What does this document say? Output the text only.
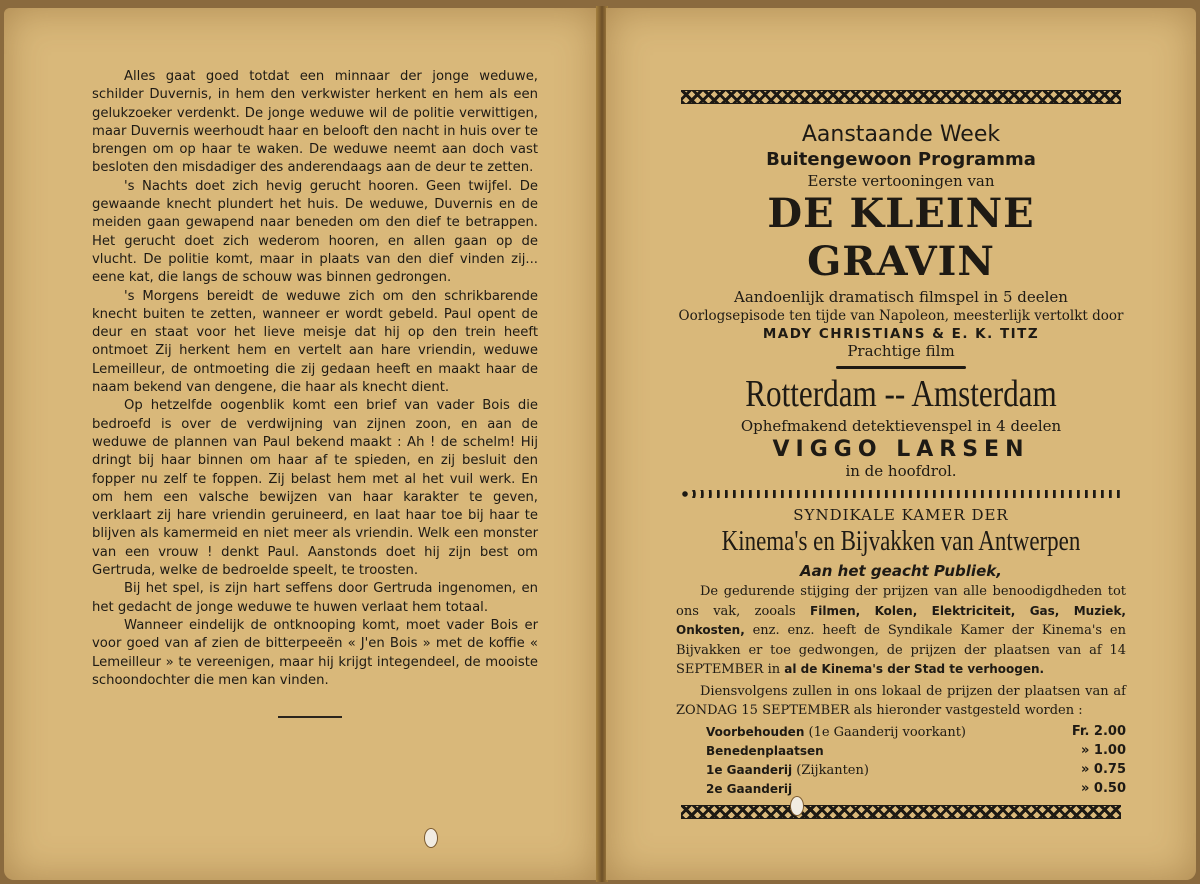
Alles gaat goed totdat een minnaar der jonge weduwe, schilder Duvernis, in hem den verkwister herkent en hem als een gelukzoeker verdenkt. De jonge weduwe wil de politie verwittigen, maar Duvernis weerhoudt haar en belooft den nacht in huis over te brengen om op haar te waken. De weduwe neemt aan doch vast besloten den misdadiger des anderendaags aan de deur te zetten.

's Nachts doet zich hevig gerucht hooren. Geen twijfel. De gewaande knecht plundert het huis. De weduwe, Duvernis en de meiden gaan gewapend naar beneden om den dief te betrappen. Het gerucht doet zich wederom hooren, en allen gaan op de vlucht. De politie komt, maar in plaats van den dief vinden zij... eene kat, die langs de schouw was binnen gedrongen.

's Morgens bereidt de weduwe zich om den schrikbarende knecht buiten te zetten, wanneer er wordt gebeld. Paul opent de deur en staat voor het lieve meisje dat hij op den trein heeft ontmoet Zij herkent hem en vertelt aan hare vriendin, weduwe Lemeilleur, de ontmoeting die zij gedaan heeft en maakt haar de naam bekend van dengene, die haar als knecht dient.

Op hetzelfde oogenblik komt een brief van vader Bois die bedroefd is over de verdwijning van zijnen zoon, en aan de weduwe de plannen van Paul bekend maakt : Ah ! de schelm! Hij dringt bij haar binnen om haar af te spieden, en zij besluit den fopper nu zelf te foppen. Zij belast hem met al het vuil werk. En om hem een valsche bewijzen van haar karakter te geven, verklaart zij hare vriendin geruineerd, en laat haar toe bij haar te blijven als kamermeid en niet meer als vriendin. Welk een monster van een vrouw ! denkt Paul. Aanstonds doet hij zijn best om Gertruda, welke de bedroelde speelt, te troosten.

Bij het spel, is zijn hart seffens door Gertruda ingenomen, en het gedacht de jonge weduwe te huwen verlaat hem totaal.

Wanneer eindelijk de ontknooping komt, moet vader Bois er voor goed van af zien de bitterpeeën « J'en Bois » met de koffie « Lemeilleur » te vereenigen, maar hij krijgt integendeel, de mooiste schoondochter die men kan vinden.

Aanstaande Week

Buitengewoon Programma

Eerste vertooningen van

DE KLEINE GRAVIN

Aandoenlijk dramatisch filmspel in 5 deelen

Oorlogsepisode ten tijde van Napoleon, meesterlijk vertolkt door

MADY CHRISTIANS & E. K. TITZ

Prachtige film

Rotterdam -- Amsterdam

Ophefmakend detektievenspel in 4 deelen

VIGGO LARSEN

in de hoofdrol.

SYNDIKALE KAMER DER

Kinema's en Bijvakken van Antwerpen

Aan het geacht Publiek,

De gedurende stijging der prijzen van alle benoodigdheden tot ons vak, zooals Filmen, Kolen, Elektriciteit, Gas, Muziek, Onkosten, enz. enz. heeft de Syndikale Kamer der Kinema's en Bijvakken er toe gedwongen, de prijzen der plaatsen van af 14 SEPTEMBER in al de Kinema's der Stad te verhoogen.

Diensvolgens zullen in ons lokaal de prijzen der plaatsen van af ZONDAG 15 SEPTEMBER als hieronder vastgesteld worden :

Voorbehouden (1e Gaanderij voorkant)	Fr. 2.00
Benedenplaatsen	» 1.00
1e Gaanderij (Zijkanten)	» 0.75
2e Gaanderij	» 0.50
